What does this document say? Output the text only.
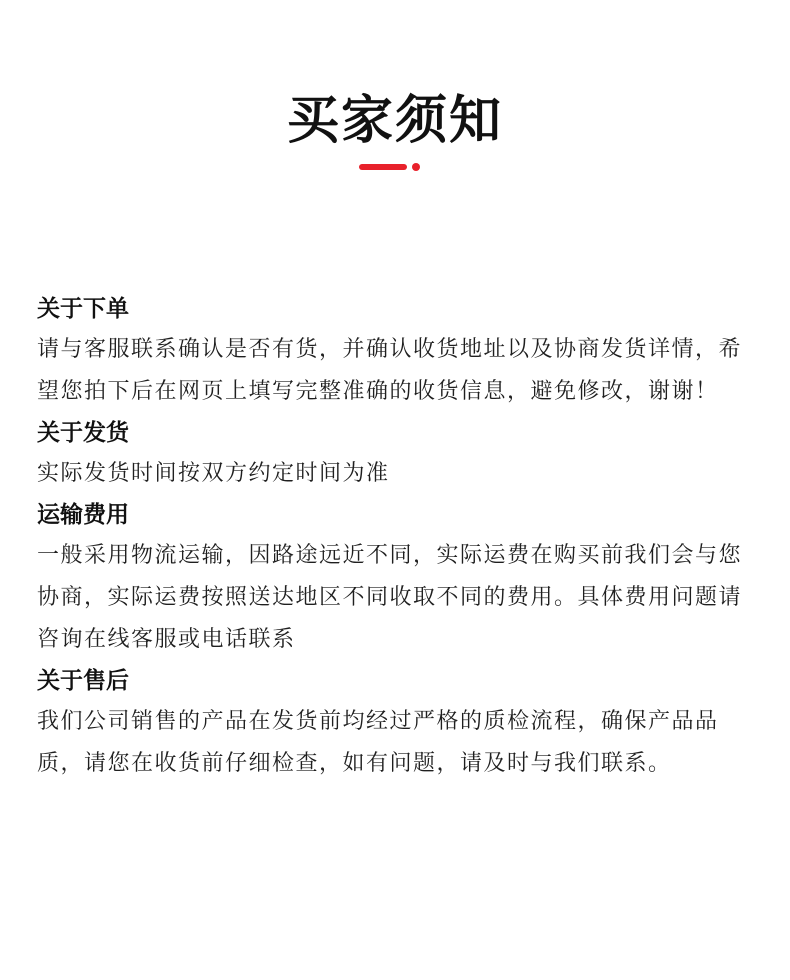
买家须知

关于下单

请与客服联系确认是否有货，并确认收货地址以及协商发货详情，希望您拍下后在网页上填写完整准确的收货信息，避免修改，谢谢！

关于发货

实际发货时间按双方约定时间为准

运输费用

一般采用物流运输，因路途远近不同，实际运费在购买前我们会与您协商，实际运费按照送达地区不同收取不同的费用。具体费用问题请咨询在线客服或电话联系

关于售后

我们公司销售的产品在发货前均经过严格的质检流程，确保产品品质，请您在收货前仔细检查，如有问题，请及时与我们联系。
